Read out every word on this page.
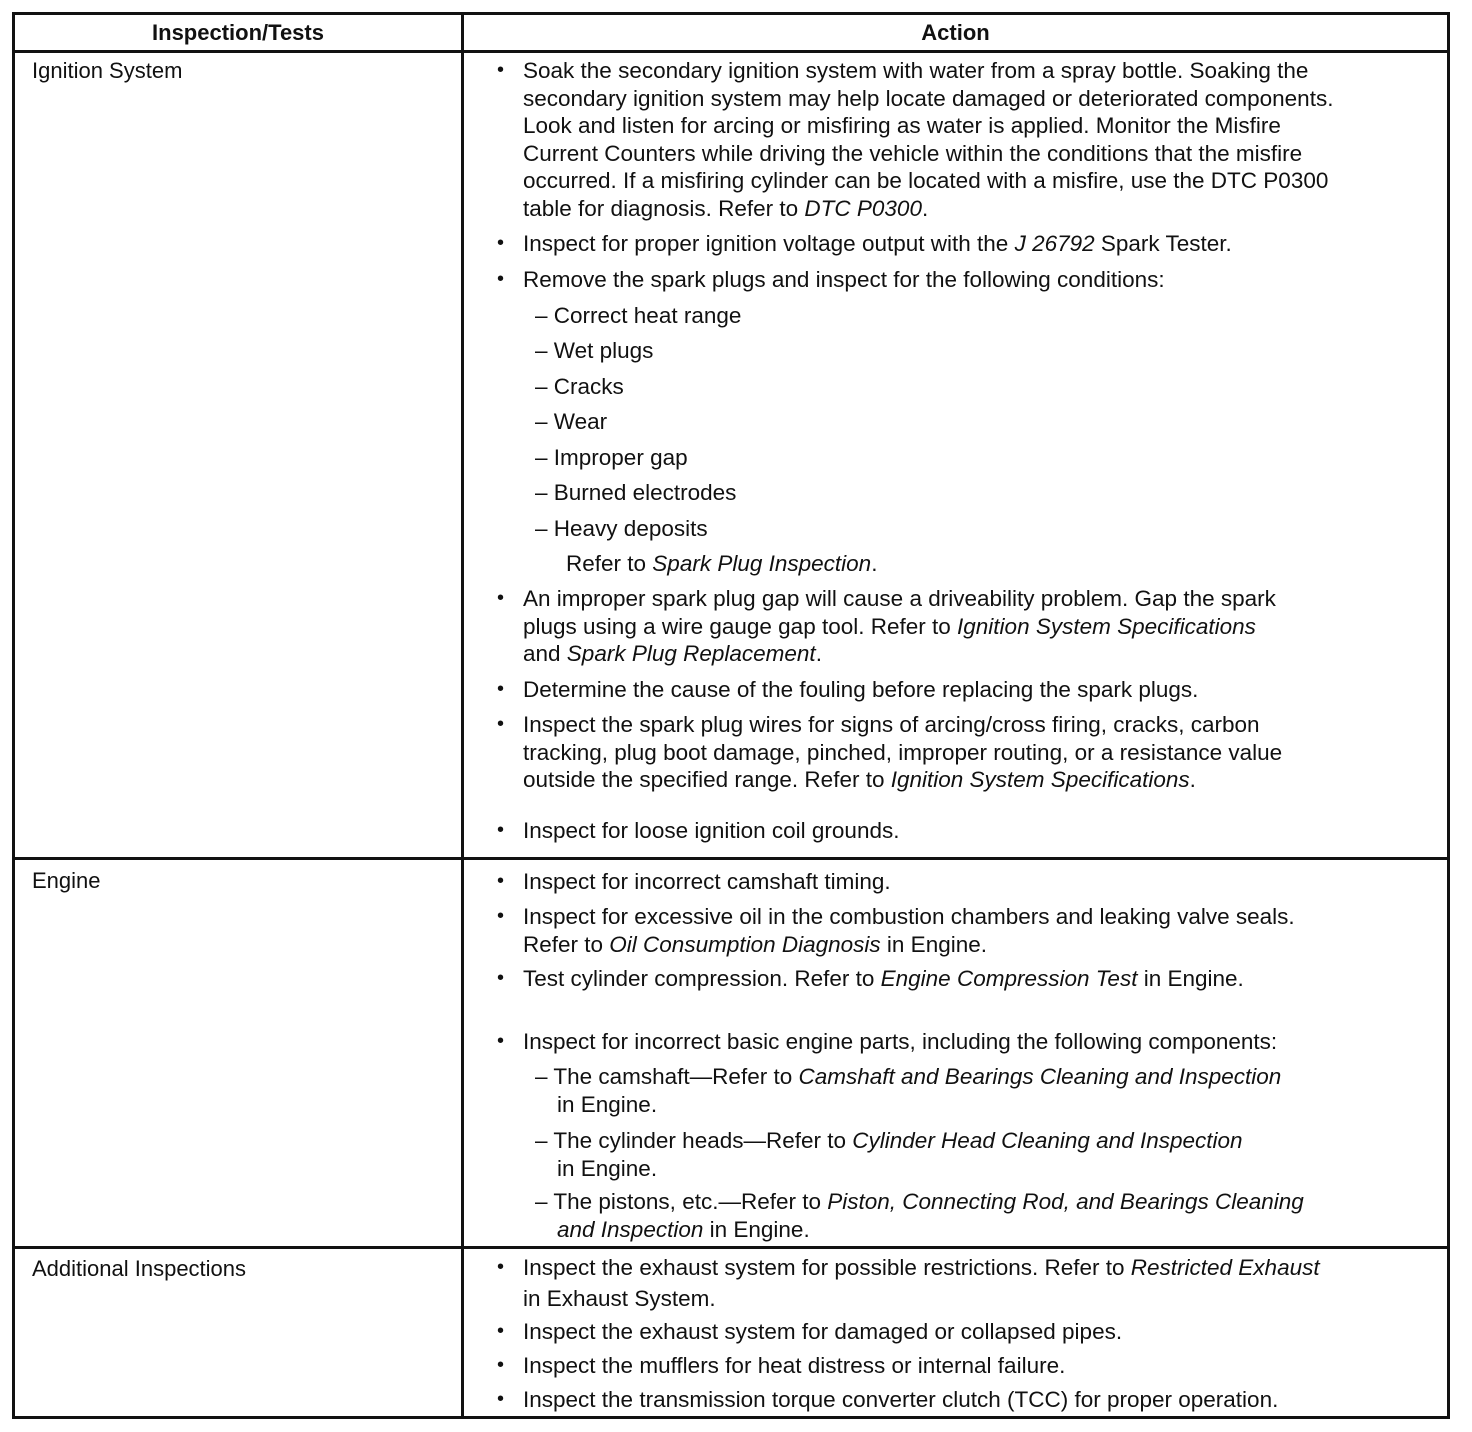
Inspection/Tests	Action
Ignition System	• Soak the secondary ignition system with water from a spray bottle. Soaking the
secondary ignition system may help locate damaged or deteriorated components.
Look and listen for arcing or misfiring as water is applied. Monitor the Misfire
Current Counters while driving the vehicle within the conditions that the misfire
occurred. If a misfiring cylinder can be located with a misfire, use the DTC P0300
table for diagnosis. Refer to DTC P0300.
• Inspect for proper ignition voltage output with the J 26792 Spark Tester.
• Remove the spark plugs and inspect for the following conditions:
– Correct heat range
– Wet plugs
– Cracks
– Wear
– Improper gap
– Burned electrodes
– Heavy deposits
Refer to Spark Plug Inspection.
• An improper spark plug gap will cause a driveability problem. Gap the spark
plugs using a wire gauge gap tool. Refer to Ignition System Specifications
and Spark Plug Replacement.
• Determine the cause of the fouling before replacing the spark plugs.
• Inspect the spark plug wires for signs of arcing/cross firing, cracks, carbon
tracking, plug boot damage, pinched, improper routing, or a resistance value
outside the specified range. Refer to Ignition System Specifications.
• Inspect for loose ignition coil grounds.
Engine	• Inspect for incorrect camshaft timing.
• Inspect for excessive oil in the combustion chambers and leaking valve seals.
Refer to Oil Consumption Diagnosis in Engine.
• Test cylinder compression. Refer to Engine Compression Test in Engine.
• Inspect for incorrect basic engine parts, including the following components:
– The camshaft—Refer to Camshaft and Bearings Cleaning and Inspection
in Engine.
– The cylinder heads—Refer to Cylinder Head Cleaning and Inspection
in Engine.
– The pistons, etc.—Refer to Piston, Connecting Rod, and Bearings Cleaning
and Inspection in Engine.
Additional Inspections	• Inspect the exhaust system for possible restrictions. Refer to Restricted Exhaust
in Exhaust System.
• Inspect the exhaust system for damaged or collapsed pipes.
• Inspect the mufflers for heat distress or internal failure.
• Inspect the transmission torque converter clutch (TCC) for proper operation.
